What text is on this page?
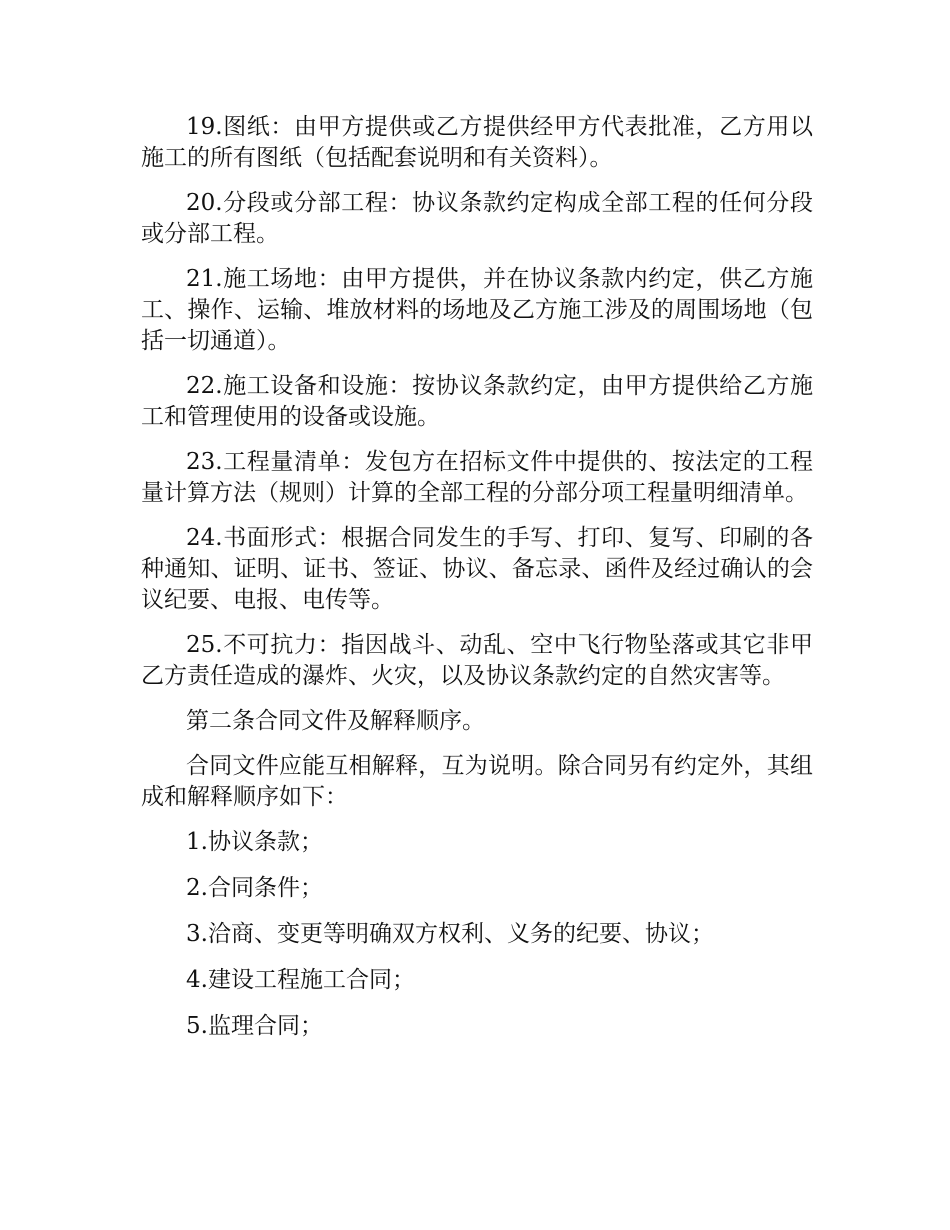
19.图纸：由甲方提供或乙方提供经甲方代表批准，乙方用以施工的所有图纸（包括配套说明和有关资料）。

20.分段或分部工程：协议条款约定构成全部工程的任何分段或分部工程。

21.施工场地：由甲方提供，并在协议条款内约定，供乙方施工、操作、运输、堆放材料的场地及乙方施工涉及的周围场地（包括一切通道）。

22.施工设备和设施：按协议条款约定，由甲方提供给乙方施工和管理使用的设备或设施。

23.工程量清单：发包方在招标文件中提供的、按法定的工程量计算方法（规则）计算的全部工程的分部分项工程量明细清单。

24.书面形式：根据合同发生的手写、打印、复写、印刷的各种通知、证明、证书、签证、协议、备忘录、函件及经过确认的会议纪要、电报、电传等。

25.不可抗力：指因战斗、动乱、空中飞行物坠落或其它非甲乙方责任造成的瀑炸、火灾，以及协议条款约定的自然灾害等。

第二条合同文件及解释顺序。

合同文件应能互相解释，互为说明。除合同另有约定外，其组成和解释顺序如下：

1.协议条款；

2.合同条件；

3.洽商、变更等明确双方权利、义务的纪要、协议；

4.建设工程施工合同；

5.监理合同；
